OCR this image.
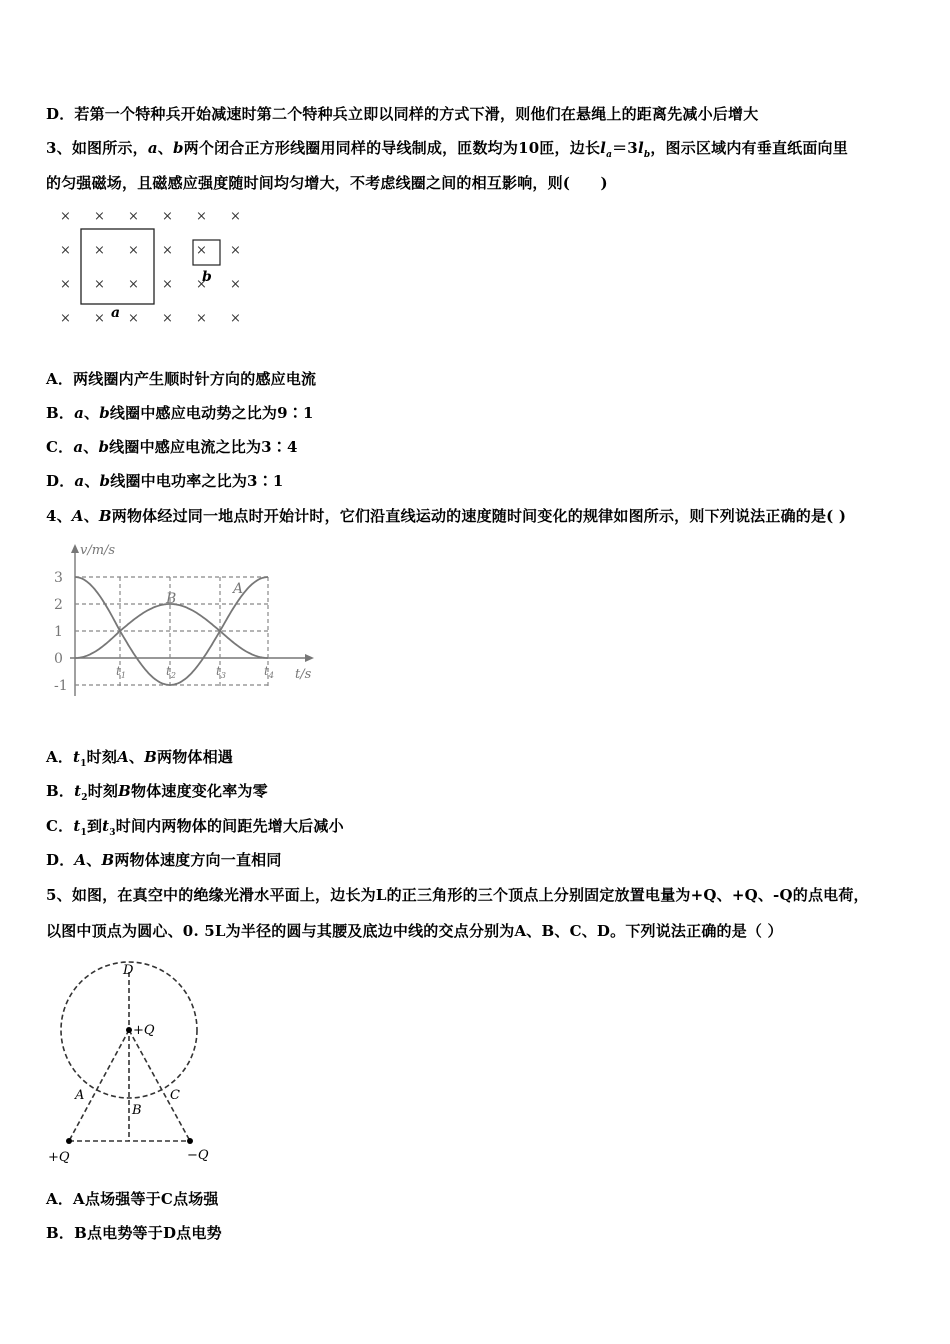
D．若第一个特种兵开始减速时第二个特种兵立即以同样的方式下滑，则他们在悬绳上的距离先减小后增大
3、如图所示，a、b两个闭合正方形线圈用同样的导线制成，匝数均为10匝，边长$l_a=3l_b$，图示区域内有垂直纸面向里
的匀强磁场，且磁感应强度随时间均匀增大，不考虑线圈之间的相互影响，则(　　)
× × × × × ×
× × × × × ×
× × × × × ×
× × × × × ×
a
b
A．两线圈内产生顺时针方向的感应电流
B．a、b线圈中感应电动势之比为9∶1
C．a、b线圈中感应电流之比为3∶4
D．a、b线圈中电功率之比为3∶1
4、A、B两物体经过同一地点时开始计时，它们沿直线运动的速度随时间变化的规律如图所示，则下列说法正确的是( )
v/m/s
t/s
3
2
1
0
-1
$t_1$	$t_2$	$t_3$	$t_4$
A
B
A．$t_1$时刻A、B两物体相遇
B．$t_2$时刻B物体速度变化率为零
C．$t_1$到$t_3$时间内两物体的间距先增大后减小
D．A、B两物体速度方向一直相同
5、如图，在真空中的绝缘光滑水平面上，边长为L的正三角形的三个顶点上分别固定放置电量为+Q、+Q、-Q的点电荷，
以图中顶点为圆心、0. 5L为半径的圆与其腰及底边中线的交点分别为A、B、C、D。下列说法正确的是（ ）
D
+Q
A
B
C
+Q	−Q
A．A点场强等于C点场强
B．B点电势等于D点电势
